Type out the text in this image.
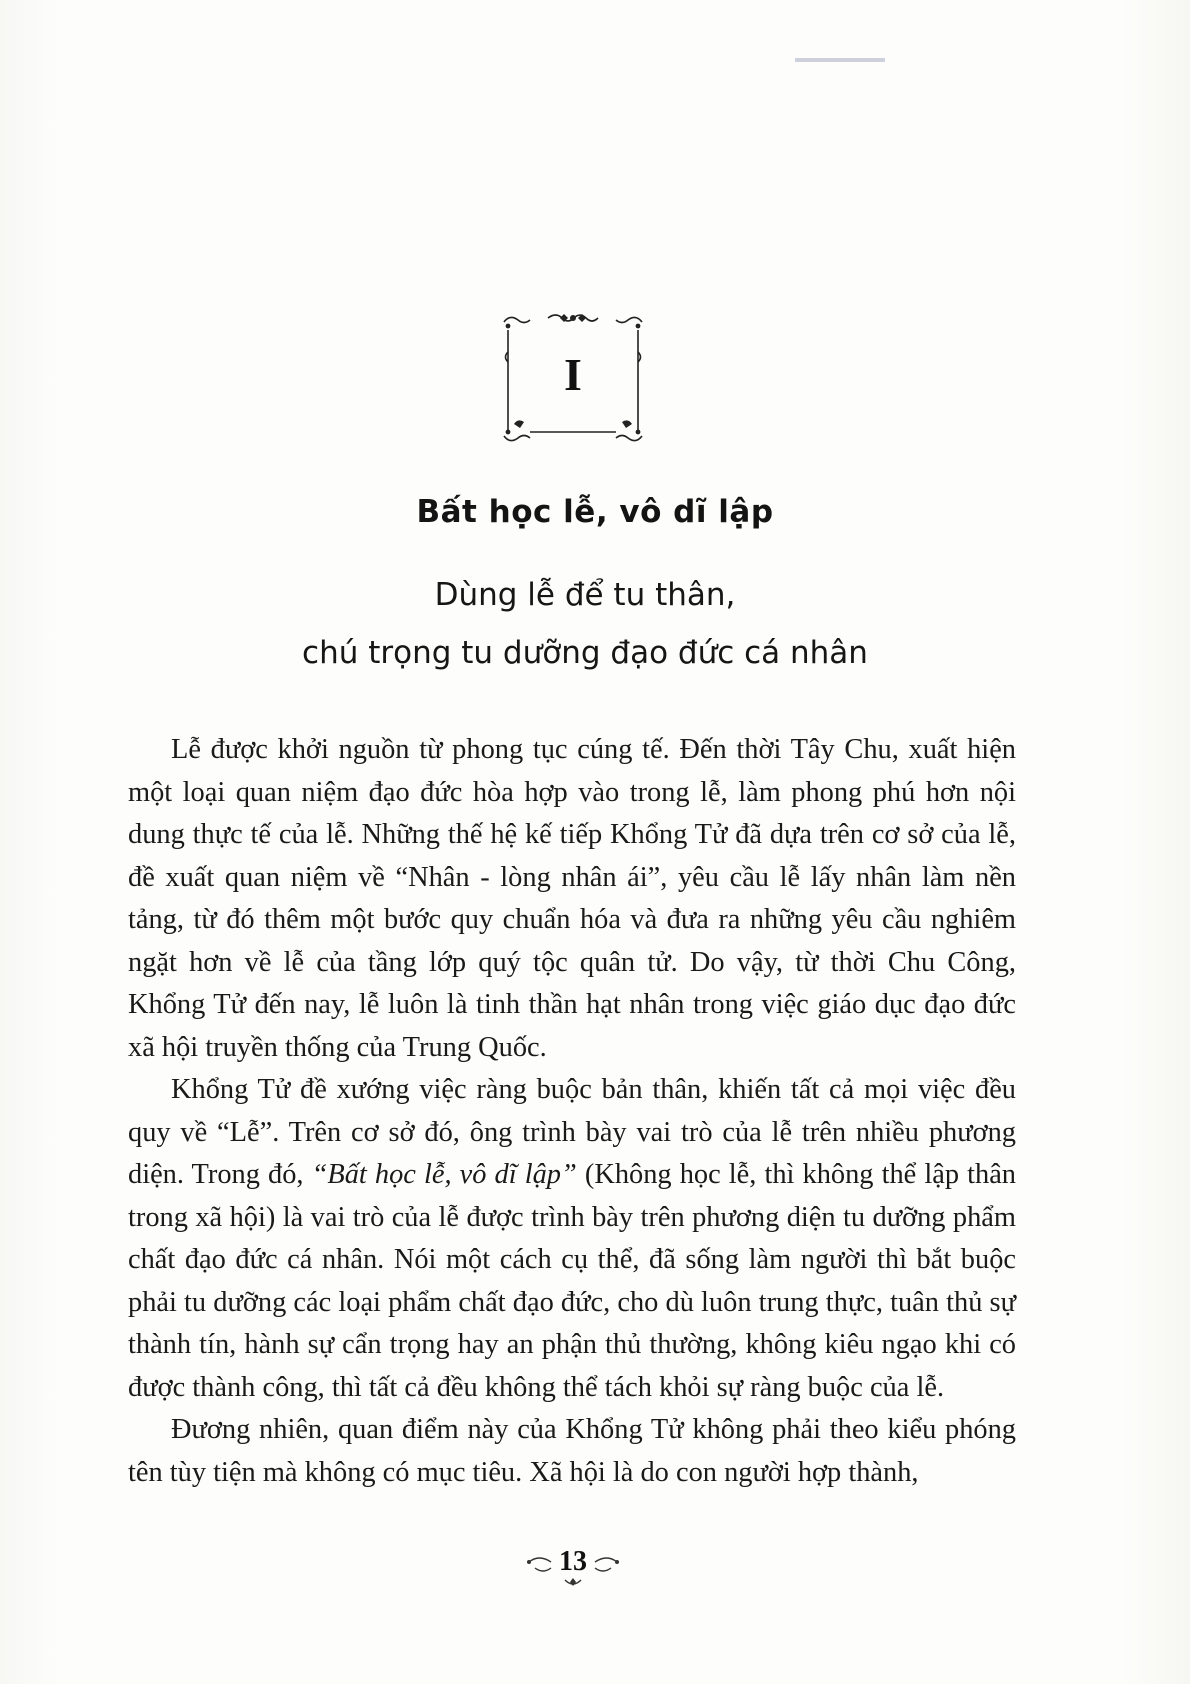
I
Bất học lễ, vô dĩ lập
Dùng lễ để tu thân,
chú trọng tu dưỡng đạo đức cá nhân

Lễ được khởi nguồn từ phong tục cúng tế. Đến thời Tây Chu, xuất hiện một loại quan niệm đạo đức hòa hợp vào trong lễ, làm phong phú hơn nội dung thực tế của lễ. Những thế hệ kế tiếp Khổng Tử đã dựa trên cơ sở của lễ, đề xuất quan niệm về “Nhân - lòng nhân ái”, yêu cầu lễ lấy nhân làm nền tảng, từ đó thêm một bước quy chuẩn hóa và đưa ra những yêu cầu nghiêm ngặt hơn về lễ của tầng lớp quý tộc quân tử. Do vậy, từ thời Chu Công, Khổng Tử đến nay, lễ luôn là tinh thần hạt nhân trong việc giáo dục đạo đức xã hội truyền thống của Trung Quốc.

Khổng Tử đề xướng việc ràng buộc bản thân, khiến tất cả mọi việc đều quy về “Lễ”. Trên cơ sở đó, ông trình bày vai trò của lễ trên nhiều phương diện. Trong đó, “Bất học lễ, vô dĩ lập” (Không học lễ, thì không thể lập thân trong xã hội) là vai trò của lễ được trình bày trên phương diện tu dưỡng phẩm chất đạo đức cá nhân. Nói một cách cụ thể, đã sống làm người thì bắt buộc phải tu dưỡng các loại phẩm chất đạo đức, cho dù luôn trung thực, tuân thủ sự thành tín, hành sự cẩn trọng hay an phận thủ thường, không kiêu ngạo khi có được thành công, thì tất cả đều không thể tách khỏi sự ràng buộc của lễ.

Đương nhiên, quan điểm này của Khổng Tử không phải theo kiểu phóng tên tùy tiện mà không có mục tiêu. Xã hội là do con người hợp thành,

13
